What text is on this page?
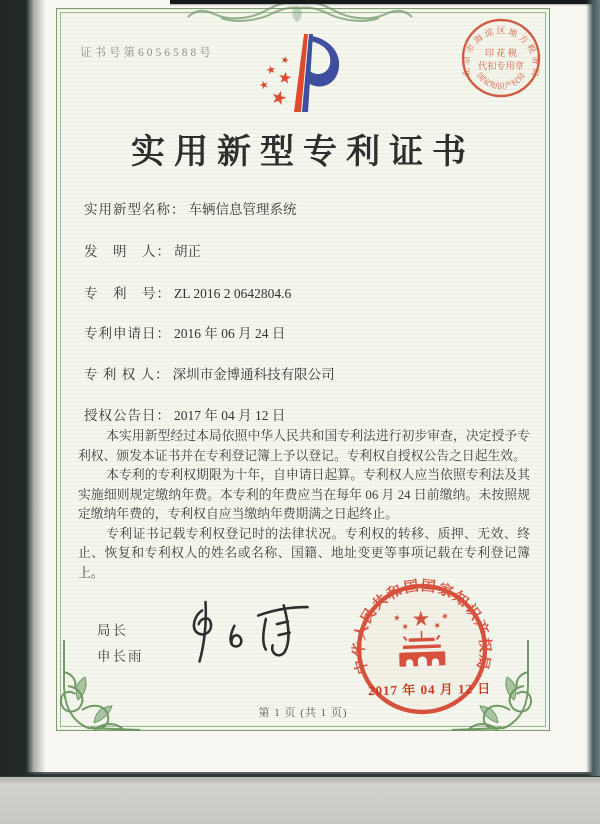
证书号第6056588号
北京市海淀区地方税务局
国家知识产权局
印 花 税
代扣专用章
实用新型专利证书
实用新型名称： 车辆信息管理系统
发　明　人： 胡正
专　利　号： ZL 2016 2 0642804.6
专利申请日： 2016 年 06 月 24 日
专 利 权 人： 深圳市金博通科技有限公司
授权公告日： 2017 年 04 月 12 日

本实用新型经过本局依照中华人民共和国专利法进行初步审查，决定授予专利权、颁发本证书并在专利登记簿上予以登记。专利权自授权公告之日起生效。

本专利的专利权期限为十年，自申请日起算。专利权人应当依照专利法及其实施细则规定缴纳年费。本专利的年费应当在每年 06 月 24 日前缴纳。未按照规定缴纳年费的，专利权自应当缴纳年费期满之日起终止。

专利证书记载专利权登记时的法律状况。专利权的转移、质押、无效、终止、恢复和专利权人的姓名或名称、国籍、地址变更等事项记载在专利登记簿上。

局长
申长雨
中华人民共和国国家知识产权局
2017 年 04 月 12 日
第 1 页 (共 1 页)
